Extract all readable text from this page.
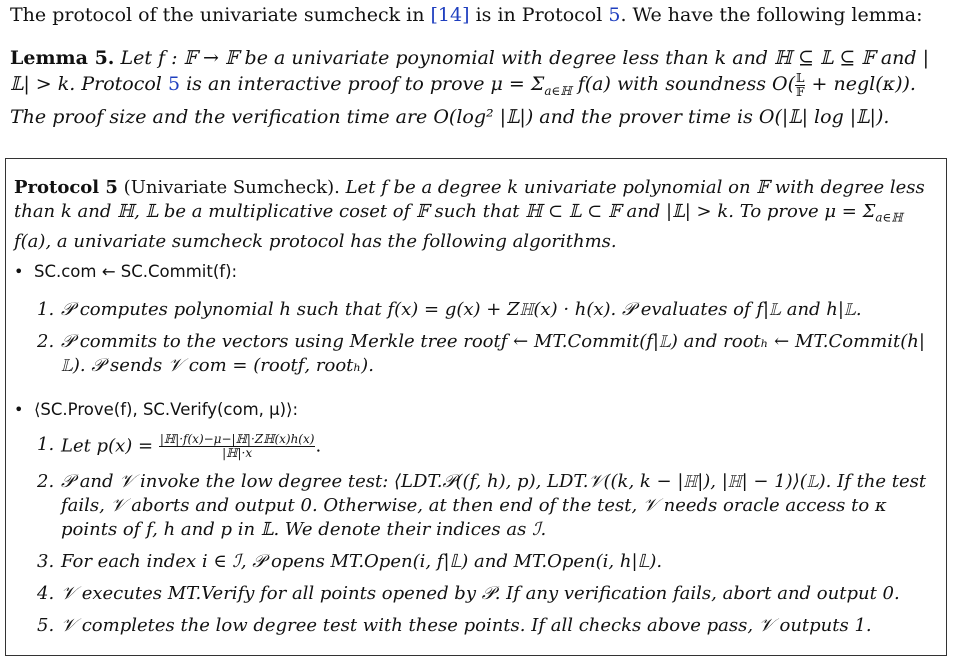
The protocol of the univariate sumcheck in [14] is in Protocol 5. We have the following lemma:
Lemma 5. Let f : 𝔽 → 𝔽 be a univariate poynomial with degree less than k and ℍ ⊆ 𝕃 ⊆ 𝔽 and |𝕃| > k. Protocol 5 is an interactive proof to prove $\mu = \Sigma_{a\in ℍ}$ f(a) with soundness $O( \frac{\text{𝕃}}{\text{𝔽}}$ + negl(κ)). The proof size and the verification time are O(log² |𝕃|) and the prover time is O(|𝕃| log |𝕃|).
Protocol 5 (Univariate Sumcheck). Let f be a degree k univariate polynomial on 𝔽 with degree less than k and ℍ, 𝕃 be a multiplicative coset of 𝔽 such that ℍ ⊂ 𝕃 ⊂ 𝔽 and |𝕃| > k. To prove $\mu = \Sigma_{a\in ℍ}$ f(a), a univariate sumcheck protocol has the following algorithms.
• SC.com ← SC.Commit(f):
1. 𝒫 computes polynomial h such that f(x) = g(x) + Zℍ(x) · h(x). 𝒫 evaluates of f|𝕃 and h|𝕃.
2. 𝒫 commits to the vectors using Merkle tree rootƒ ← MT.Commit(f|𝕃) and rootₕ ← MT.Commit(h|𝕃). 𝒫 sends 𝒱 com = (rootƒ, rootₕ).
• ⟨SC.Prove(f), SC.Verify(com, μ)⟩:
1. Let $p(x) = \frac{\text{|ℍ|·f(x)−μ−|ℍ|·Zℍ(x)h(x)}}{\text{|ℍ|·x}}$ .
2. 𝒫 and 𝒱 invoke the low degree test: ⟨LDT.𝒫((f, h), p), LDT.𝒱((k, k − |ℍ|), |ℍ| − 1)⟩(𝕃). If the test fails, 𝒱 aborts and output 0. Otherwise, at then end of the test, 𝒱 needs oracle access to κ points of f, h and p in 𝕃. We denote their indices as ℐ.
3. For each index i ∈ ℐ, 𝒫 opens MT.Open(i, f|𝕃) and MT.Open(i, h|𝕃).
4. 𝒱 executes MT.Verify for all points opened by 𝒫. If any verification fails, abort and output 0.
5. 𝒱 completes the low degree test with these points. If all checks above pass, 𝒱 outputs 1.
